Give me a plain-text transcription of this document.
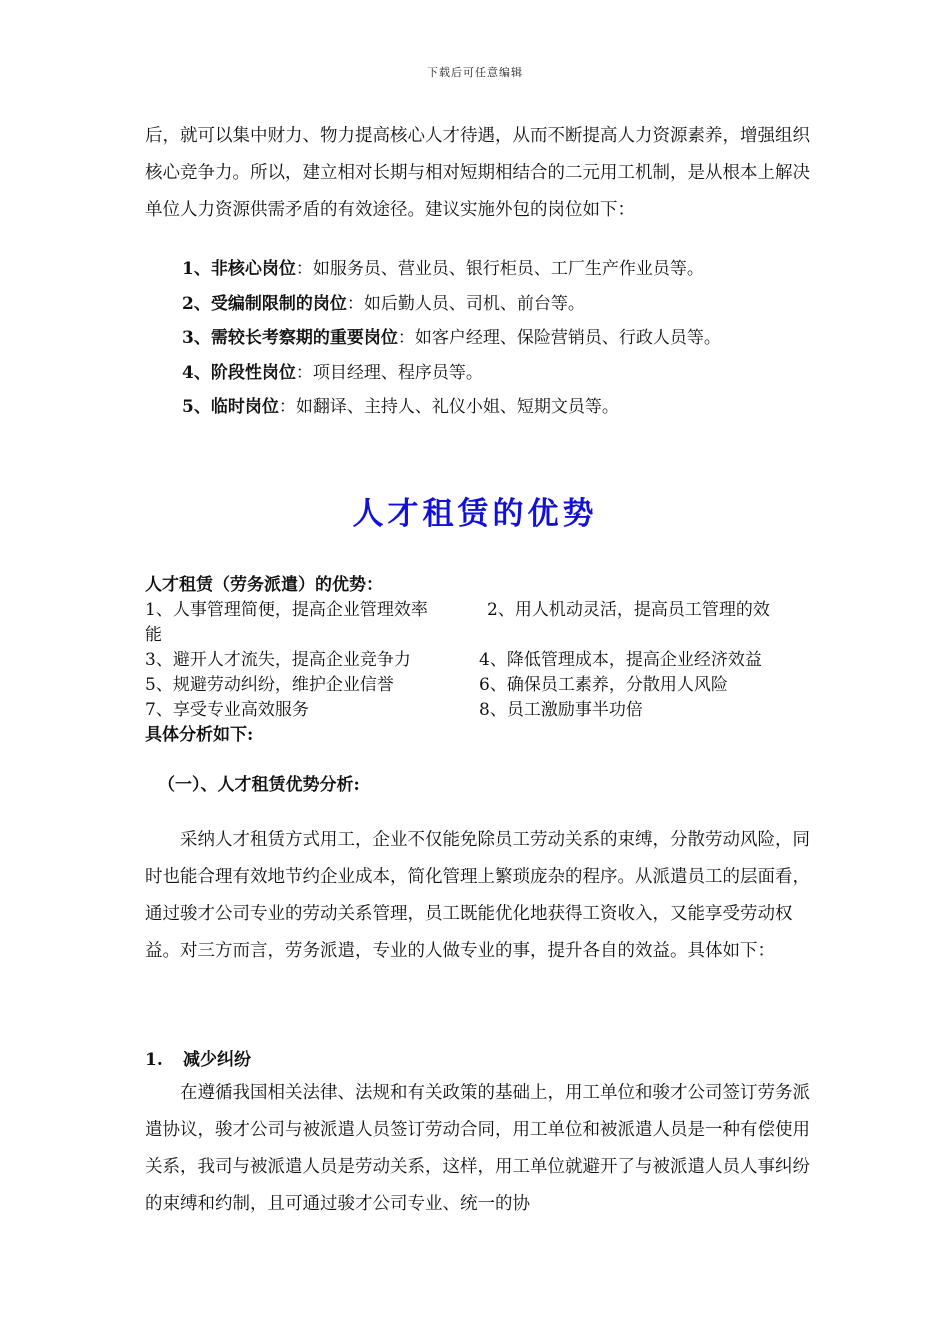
下载后可任意编辑

后，就可以集中财力、物力提高核心人才待遇，从而不断提高人力资源素养，增强组织核心竞争力。所以，建立相对长期与相对短期相结合的二元用工机制，是从根本上解决单位人力资源供需矛盾的有效途径。建议实施外包的岗位如下：

1、非核心岗位：如服务员、营业员、银行柜员、工厂生产作业员等。
2、受编制限制的岗位：如后勤人员、司机、前台等。
3、需较长考察期的重要岗位：如客户经理、保险营销员、行政人员等。
4、阶段性岗位：项目经理、程序员等。
5、临时岗位：如翻译、主持人、礼仪小姐、短期文员等。
人才租赁的优势

人才租赁（劳务派遣）的优势：

1、人事管理简便，提高企业管理效率	2、用人机动灵活，提高员工管理的效
能
3、避开人才流失，提高企业竞争力	4、降低管理成本，提高企业经济效益
5、规避劳动纠纷，维护企业信誉	6、确保员工素养，分散用人风险
7、享受专业高效服务	8、员工激励事半功倍
具体分析如下:

（一）、人才租赁优势分析:

采纳人才租赁方式用工，企业不仅能免除员工劳动关系的束缚，分散劳动风险，同时也能合理有效地节约企业成本，简化管理上繁琐庞杂的程序。从派遣员工的层面看，通过骏才公司专业的劳动关系管理，员工既能优化地获得工资收入，又能享受劳动权益。对三方而言，劳务派遣，专业的人做专业的事，提升各自的效益。具体如下：

1. 减少纠纷

在遵循我国相关法律、法规和有关政策的基础上，用工单位和骏才公司签订劳务派遣协议，骏才公司与被派遣人员签订劳动合同，用工单位和被派遣人员是一种有偿使用关系，我司与被派遣人员是劳动关系，这样，用工单位就避开了与被派遣人员人事纠纷的束缚和约制，且可通过骏才公司专业、统一的协
